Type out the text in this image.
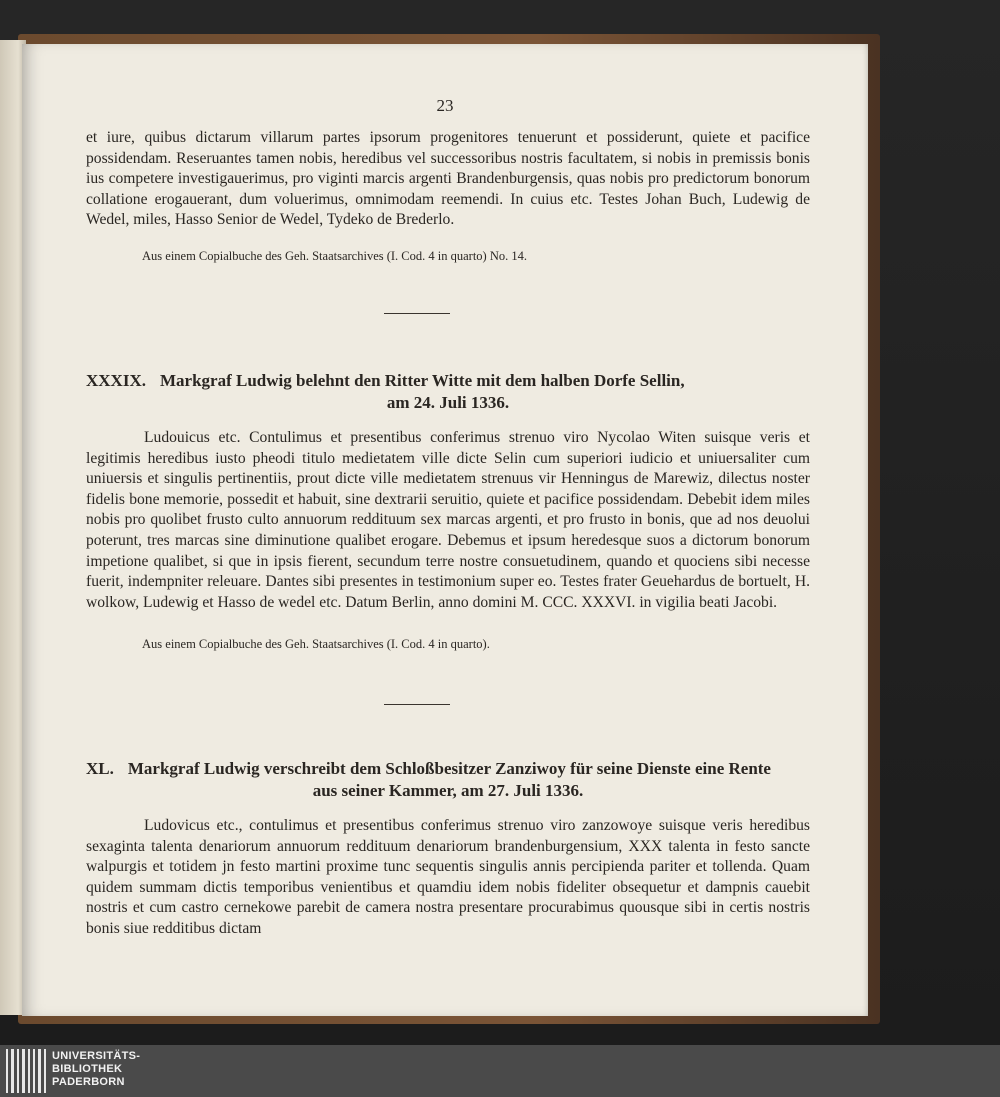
23

et iure, quibus dictarum villarum partes ipsorum progenitores tenuerunt et possiderunt, quiete et pacifice possidendam. Reseruantes tamen nobis, heredibus vel successoribus nostris facultatem, si nobis in premissis bonis ius competere investigauerimus, pro viginti marcis argenti Brandenburgensis, quas nobis pro predictorum bonorum collatione erogauerant, dum voluerimus, omnimodam reemendi. In cuius etc. Testes Johan Buch, Ludewig de Wedel, miles, Hasso Senior de Wedel, Tydeko de Brederlo.

Aus einem Copialbuche des Geh. Staatsarchives (I. Cod. 4 in quarto) No. 14.

XXXIX. Markgraf Ludwig belehnt den Ritter Witte mit dem halben Dorfe Sellin,
am 24. Juli 1336.

Ludouicus etc. Contulimus et presentibus conferimus strenuo viro Nycolao Witen suisque veris et legitimis heredibus iusto pheodi titulo medietatem ville dicte Selin cum superiori iudicio et uniuersaliter cum uniuersis et singulis pertinentiis, prout dicte ville medietatem strenuus vir Henningus de Marewiz, dilectus noster fidelis bone memorie, possedit et habuit, sine dextrarii seruitio, quiete et pacifice possidendam. Debebit idem miles nobis pro quolibet frusto culto annuorum reddituum sex marcas argenti, et pro frusto in bonis, que ad nos deuolui poterunt, tres marcas sine diminutione qualibet erogare. Debemus et ipsum heredesque suos a dictorum bonorum impetione qualibet, si que in ipsis fierent, secundum terre nostre consuetudinem, quando et quociens sibi necesse fuerit, indempniter releuare. Dantes sibi presentes in testimonium super eo. Testes frater Geuehardus de bortuelt, H. wolkow, Ludewig et Hasso de wedel etc. Datum Berlin, anno domini M. CCC. XXXVI. in vigilia beati Jacobi.

Aus einem Copialbuche des Geh. Staatsarchives (I. Cod. 4 in quarto).

XL. Markgraf Ludwig verschreibt dem Schloßbesitzer Zanziwoy für seine Dienste eine Rente
aus seiner Kammer, am 27. Juli 1336.

Ludovicus etc., contulimus et presentibus conferimus strenuo viro zanzowoye suisque veris heredibus sexaginta talenta denariorum annuorum reddituum denariorum brandenburgensium, XXX talenta in festo sancte walpurgis et totidem jn festo martini proxime tunc sequentis singulis annis percipienda pariter et tollenda. Quam quidem summam dictis temporibus venientibus et quamdiu idem nobis fideliter obsequetur et dampnis cauebit nostris et cum castro cernekowe parebit de camera nostra presentare procurabimus quousque sibi in certis nostris bonis siue redditibus dictam

UNIVERSITÄTS-
BIBLIOTHEK
PADERBORN
